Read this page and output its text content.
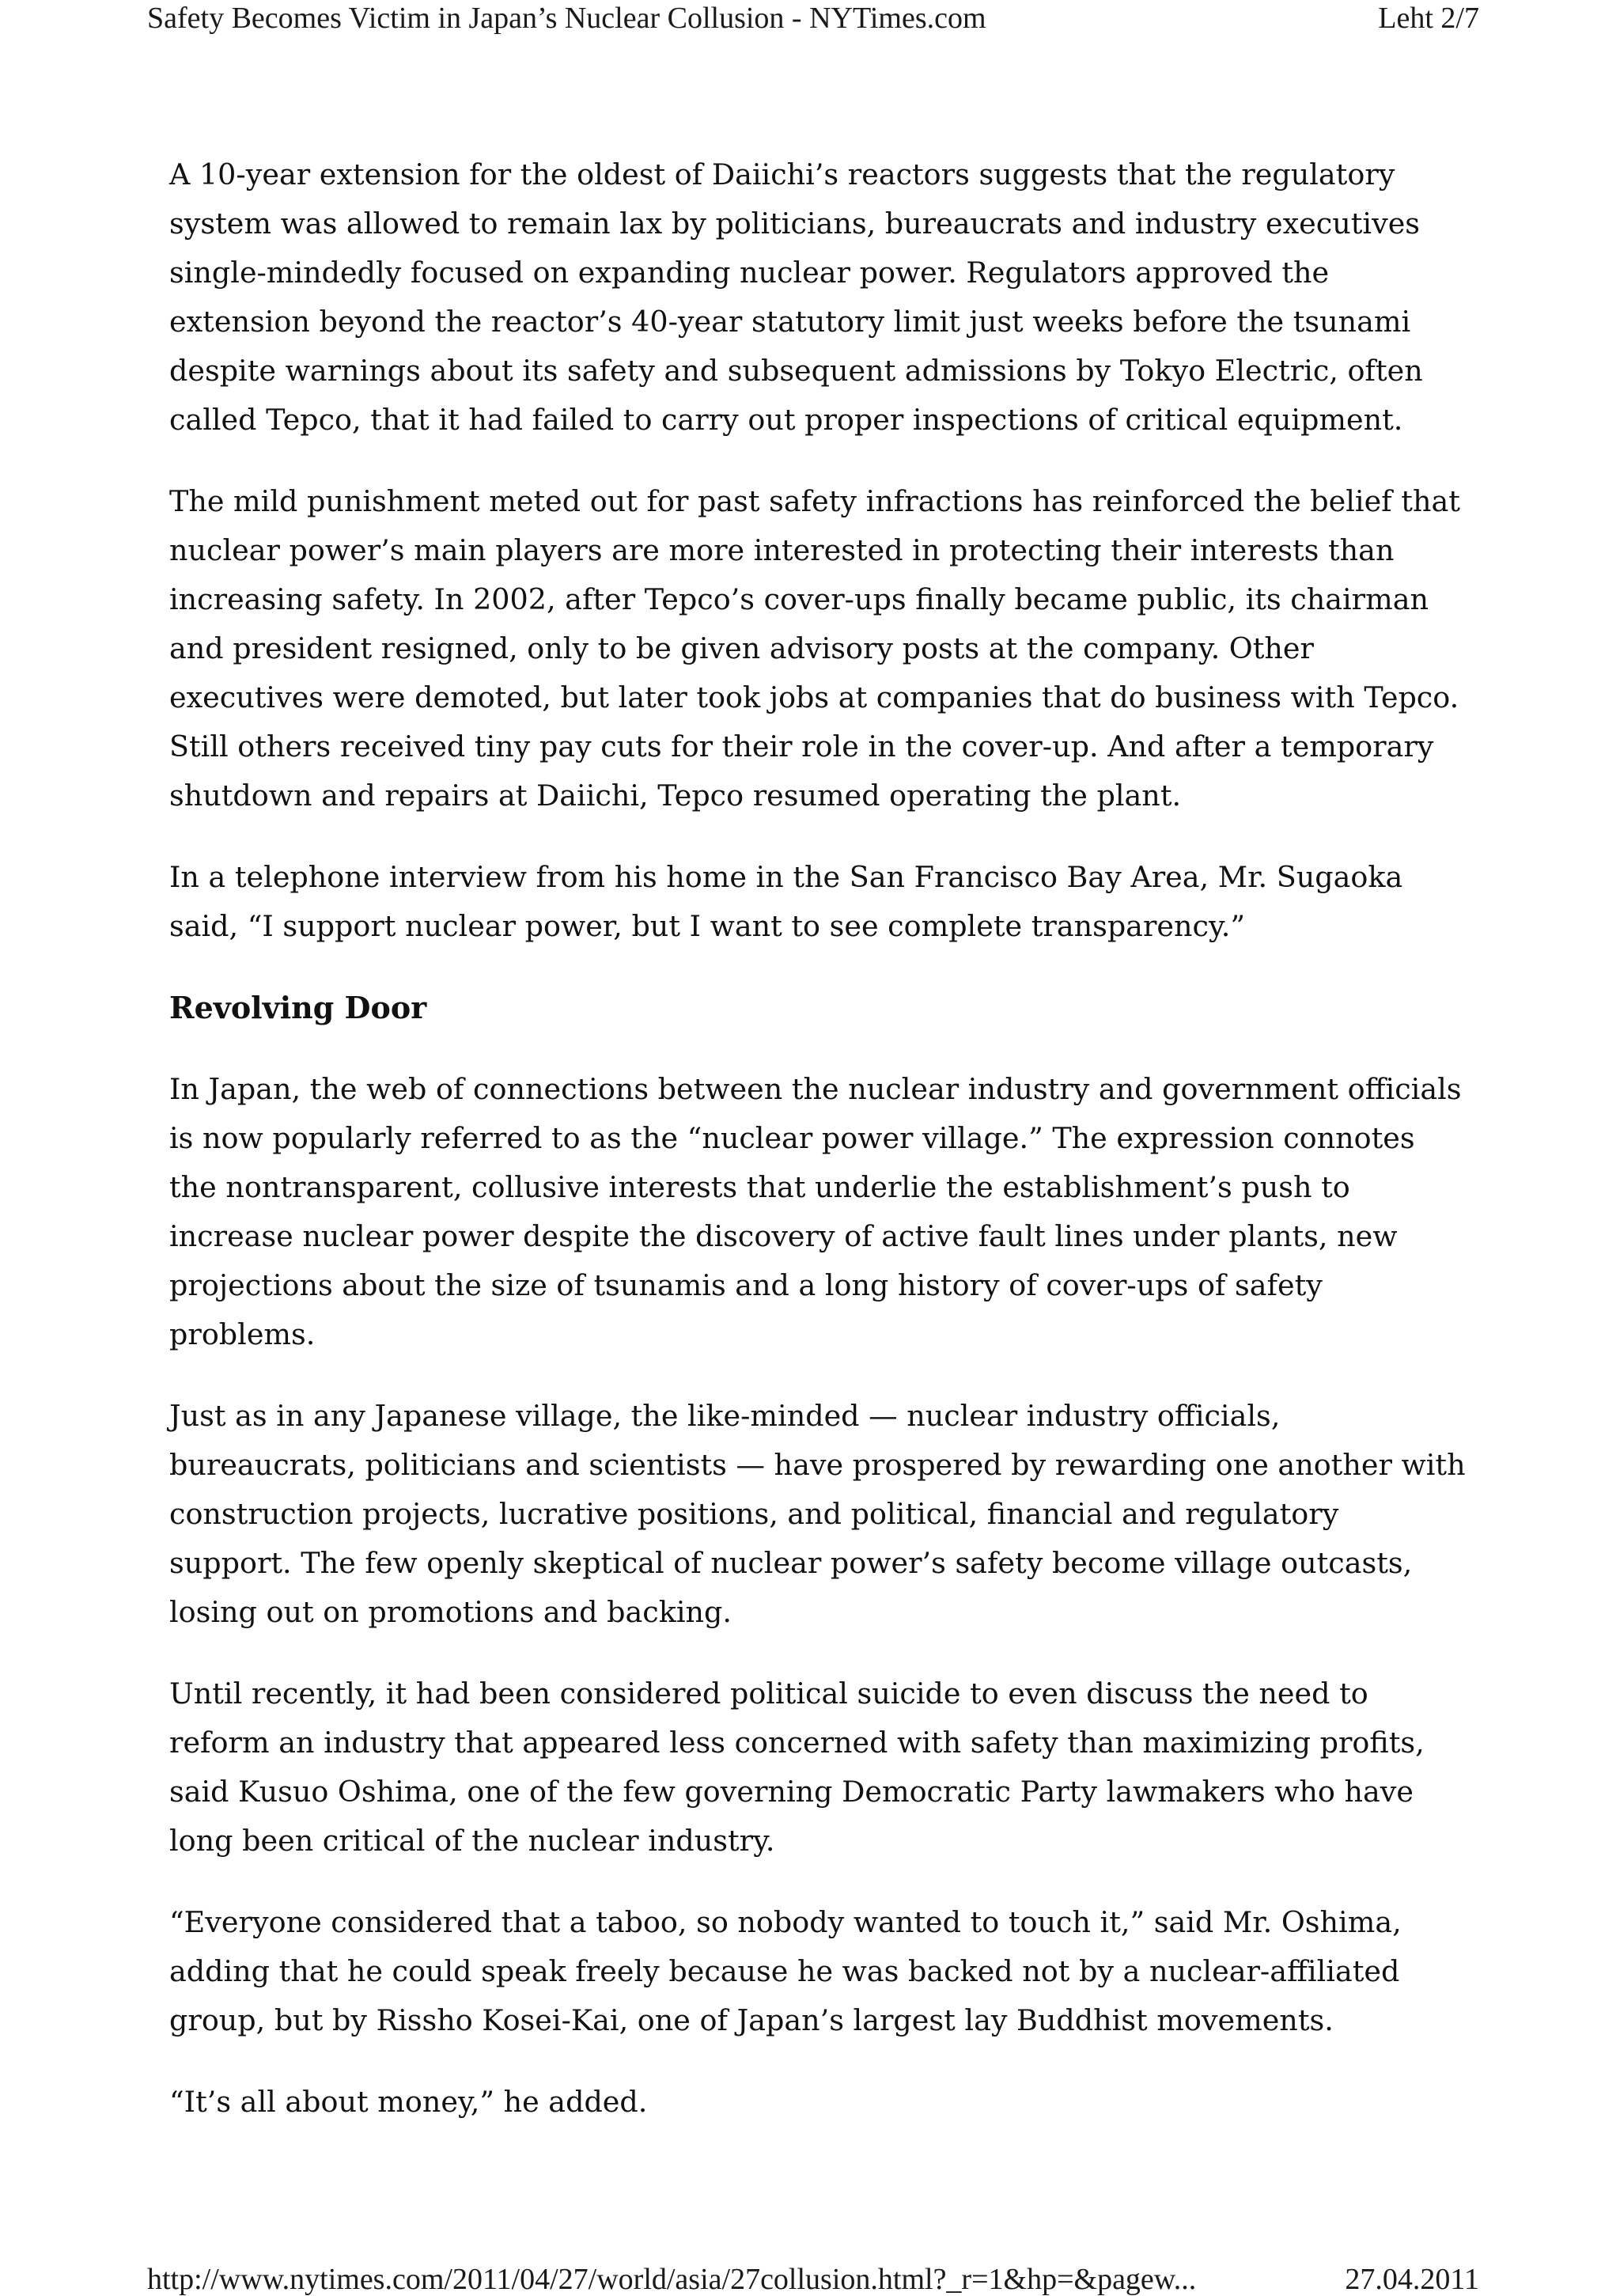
Safety Becomes Victim in Japan’s Nuclear Collusion - NYTimes.com	Leht 2/7

A 10-year extension for the oldest of Daiichi’s reactors suggests that the regulatory system was allowed to remain lax by politicians, bureaucrats and industry executives single-mindedly focused on expanding nuclear power. Regulators approved the extension beyond the reactor’s 40-year statutory limit just weeks before the tsunami despite warnings about its safety and subsequent admissions by Tokyo Electric, often called Tepco, that it had failed to carry out proper inspections of critical equipment.

The mild punishment meted out for past safety infractions has reinforced the belief that nuclear power’s main players are more interested in protecting their interests than increasing safety. In 2002, after Tepco’s cover-ups finally became public, its chairman and president resigned, only to be given advisory posts at the company. Other executives were demoted, but later took jobs at companies that do business with Tepco. Still others received tiny pay cuts for their role in the cover-up. And after a temporary shutdown and repairs at Daiichi, Tepco resumed operating the plant.

In a telephone interview from his home in the San Francisco Bay Area, Mr. Sugaoka said, “I support nuclear power, but I want to see complete transparency.”

Revolving Door

In Japan, the web of connections between the nuclear industry and government officials is now popularly referred to as the “nuclear power village.” The expression connotes the nontransparent, collusive interests that underlie the establishment’s push to increase nuclear power despite the discovery of active fault lines under plants, new projections about the size of tsunamis and a long history of cover-ups of safety problems.

Just as in any Japanese village, the like-minded — nuclear industry officials, bureaucrats, politicians and scientists — have prospered by rewarding one another with construction projects, lucrative positions, and political, financial and regulatory support. The few openly skeptical of nuclear power’s safety become village outcasts, losing out on promotions and backing.

Until recently, it had been considered political suicide to even discuss the need to reform an industry that appeared less concerned with safety than maximizing profits, said Kusuo Oshima, one of the few governing Democratic Party lawmakers who have long been critical of the nuclear industry.

“Everyone considered that a taboo, so nobody wanted to touch it,” said Mr. Oshima, adding that he could speak freely because he was backed not by a nuclear-affiliated group, but by Rissho Kosei-Kai, one of Japan’s largest lay Buddhist movements.

“It’s all about money,” he added.

http://www.nytimes.com/2011/04/27/world/asia/27collusion.html?_r=1&hp=&pagew...	27.04.2011
